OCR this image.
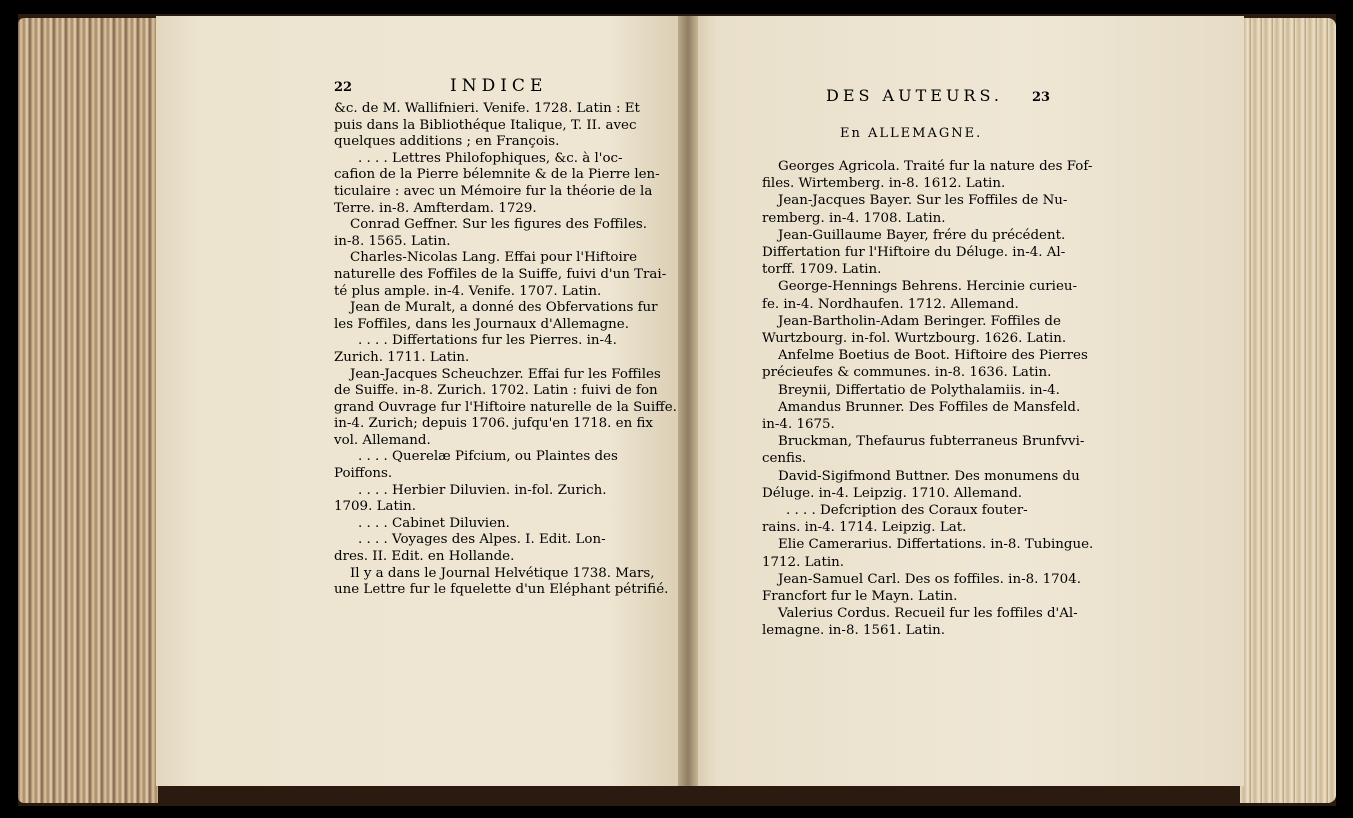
22	INDICE	DES AUTEURS. 23
En ALLEMAGNE.
&c. de M. Wallifnieri. Venife. 1728. Latin : Et
puis dans la Bibliothéque Italique, T. II. avec
quelques additions ; en François.
. . . . Lettres Philofophiques, &c. à l'oc-
cafion de la Pierre bélemnite & de la Pierre len-
ticulaire : avec un Mémoire fur la théorie de la
Terre. in-8. Amfterdam. 1729.
Conrad Geffner. Sur les figures des Foffiles.
in-8. 1565. Latin.
Charles-Nicolas Lang. Effai pour l'Hiftoire
naturelle des Foffiles de la Suiffe, fuivi d'un Trai-
té plus ample. in-4. Venife. 1707. Latin.
Jean de Muralt, a donné des Obfervations fur
les Foffiles, dans les Journaux d'Allemagne.
. . . . Differtations fur les Pierres. in-4.
Zurich. 1711. Latin.
Jean-Jacques Scheuchzer. Effai fur les Foffiles
de Suiffe. in-8. Zurich. 1702. Latin : fuivi de fon
grand Ouvrage fur l'Hiftoire naturelle de la Suiffe.
in-4. Zurich; depuis 1706. jufqu'en 1718. en fix
vol. Allemand.
. . . . Querelæ Pifcium, ou Plaintes des
Poiffons.
. . . . Herbier Diluvien. in-fol. Zurich.
1709. Latin.
. . . . Cabinet Diluvien.
. . . . Voyages des Alpes. I. Edit. Lon-
dres. II. Edit. en Hollande.
Il y a dans le Journal Helvétique 1738. Mars,
une Lettre fur le fquelette d'un Eléphant pétrifié.
Georges Agricola. Traité fur la nature des Fof-
files. Wirtemberg. in-8. 1612. Latin.
Jean-Jacques Bayer. Sur les Foffiles de Nu-
remberg. in-4. 1708. Latin.
Jean-Guillaume Bayer, frére du précédent.
Differtation fur l'Hiftoire du Déluge. in-4. Al-
torff. 1709. Latin.
George-Hennings Behrens. Hercinie curieu-
fe. in-4. Nordhaufen. 1712. Allemand.
Jean-Bartholin-Adam Beringer. Foffiles de
Wurtzbourg. in-fol. Wurtzbourg. 1626. Latin.
Anfelme Boetius de Boot. Hiftoire des Pierres
précieufes & communes. in-8. 1636. Latin.
Breynii, Differtatio de Polythalamiis. in-4.
Amandus Brunner. Des Foffiles de Mansfeld.
in-4. 1675.
Bruckman, Thefaurus fubterraneus Brunfvvi-
cenfis.
David-Sigifmond Buttner. Des monumens du
Déluge. in-4. Leipzig. 1710. Allemand.
. . . . Defcription des Coraux fouter-
rains. in-4. 1714. Leipzig. Lat.
Elie Camerarius. Differtations. in-8. Tubingue.
1712. Latin.
Jean-Samuel Carl. Des os foffiles. in-8. 1704.
Francfort fur le Mayn. Latin.
Valerius Cordus. Recueil fur les foffiles d'Al-
lemagne. in-8. 1561. Latin.
